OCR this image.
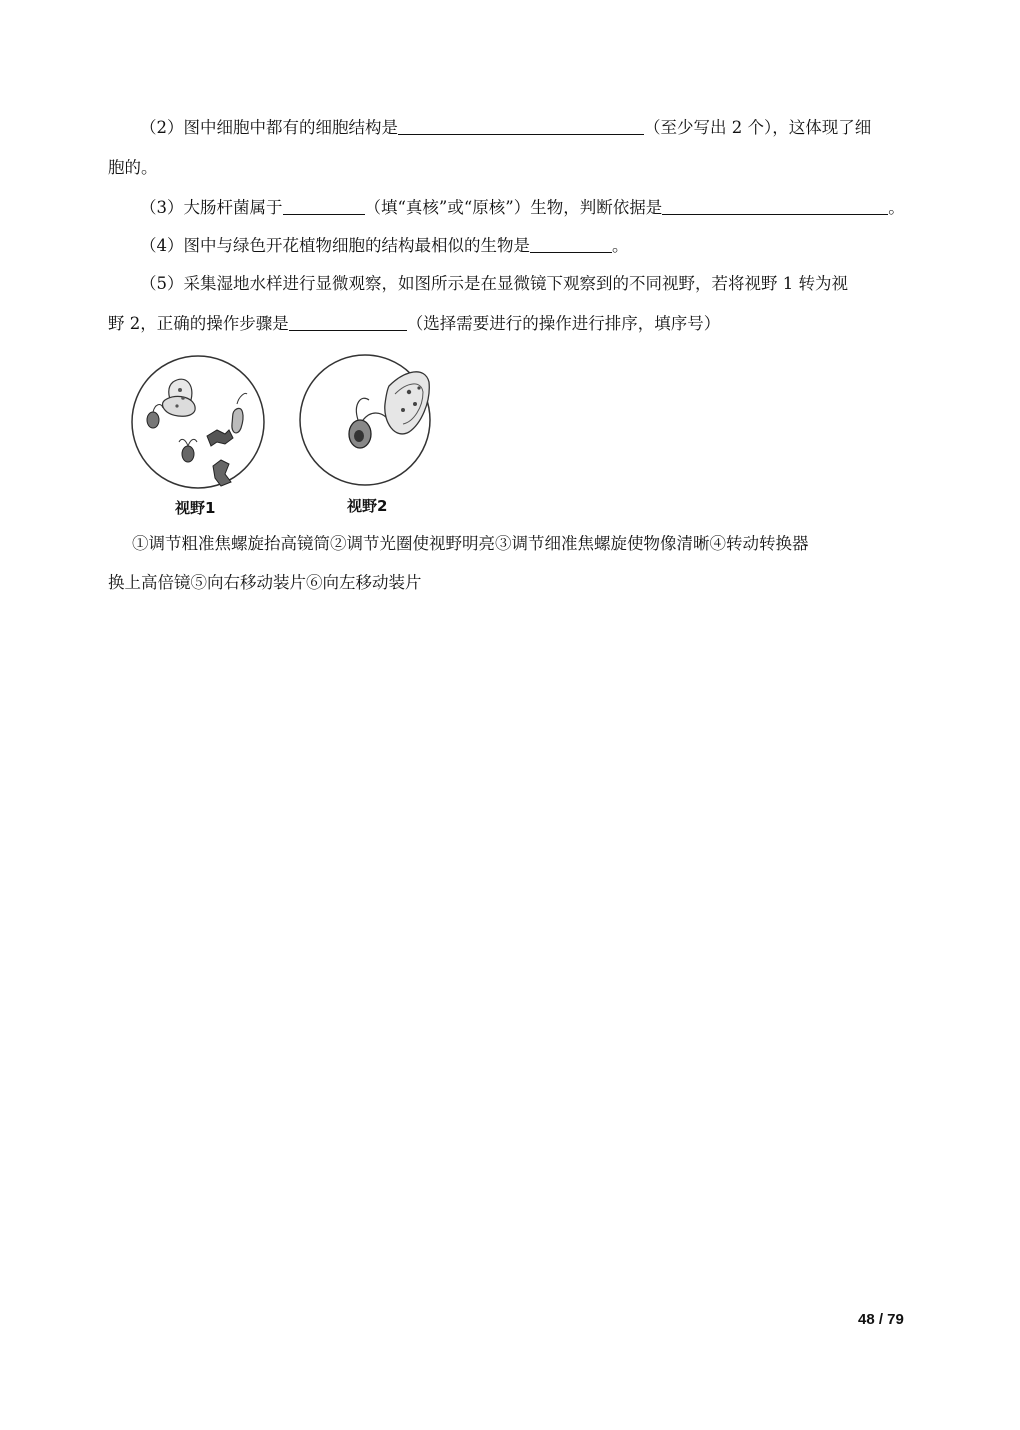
（2）图中细胞中都有的细胞结构是	（至少写出 2 个），这体现了细
胞的。
（3）大肠杆菌属于	（填“真核”或“原核”）生物，判断依据是	。
（4）图中与绿色开花植物细胞的结构最相似的生物是	。
（5）采集湿地水样进行显微观察，如图所示是在显微镜下观察到的不同视野，若将视野 1 转为视
野 2，正确的操作步骤是	（选择需要进行的操作进行排序，填序号）
视野1	视野2
①调节粗准焦螺旋抬高镜筒②调节光圈使视野明亮③调节细准焦螺旋使物像清晰④转动转换器
换上高倍镜⑤向右移动装片⑥向左移动装片
48 / 79
